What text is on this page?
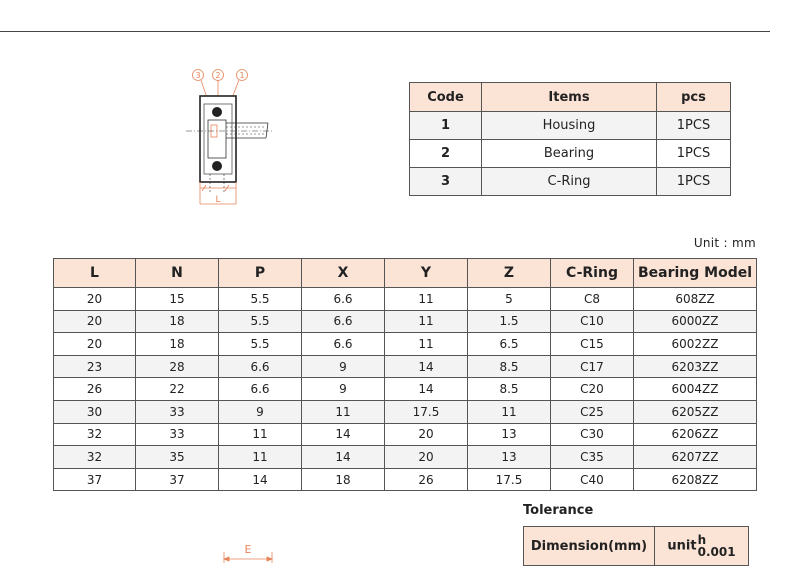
3 2 1
L
Code	Items	pcs
1	Housing	1PCS
2	Bearing	1PCS
3	C-Ring	1PCS
Unit : mm
L	N	P	X	Y	Z	C-Ring	Bearing Model
20	15	5.5	6.6	11	5	C8	608ZZ
20	18	5.5	6.6	11	1.5	C10	6000ZZ
20	18	5.5	6.6	11	6.5	C15	6002ZZ
23	28	6.6	9	14	8.5	C17	6203ZZ
26	22	6.6	9	14	8.5	C20	6004ZZ
30	33	9	11	17.5	11	C25	6205ZZ
32	33	11	14	20	13	C30	6206ZZ
32	35	11	14	20	13	C35	6207ZZ
37	37	14	18	26	17.5	C40	6208ZZ
Tolerance
Dimension(mm)	unit h
0.001
E
